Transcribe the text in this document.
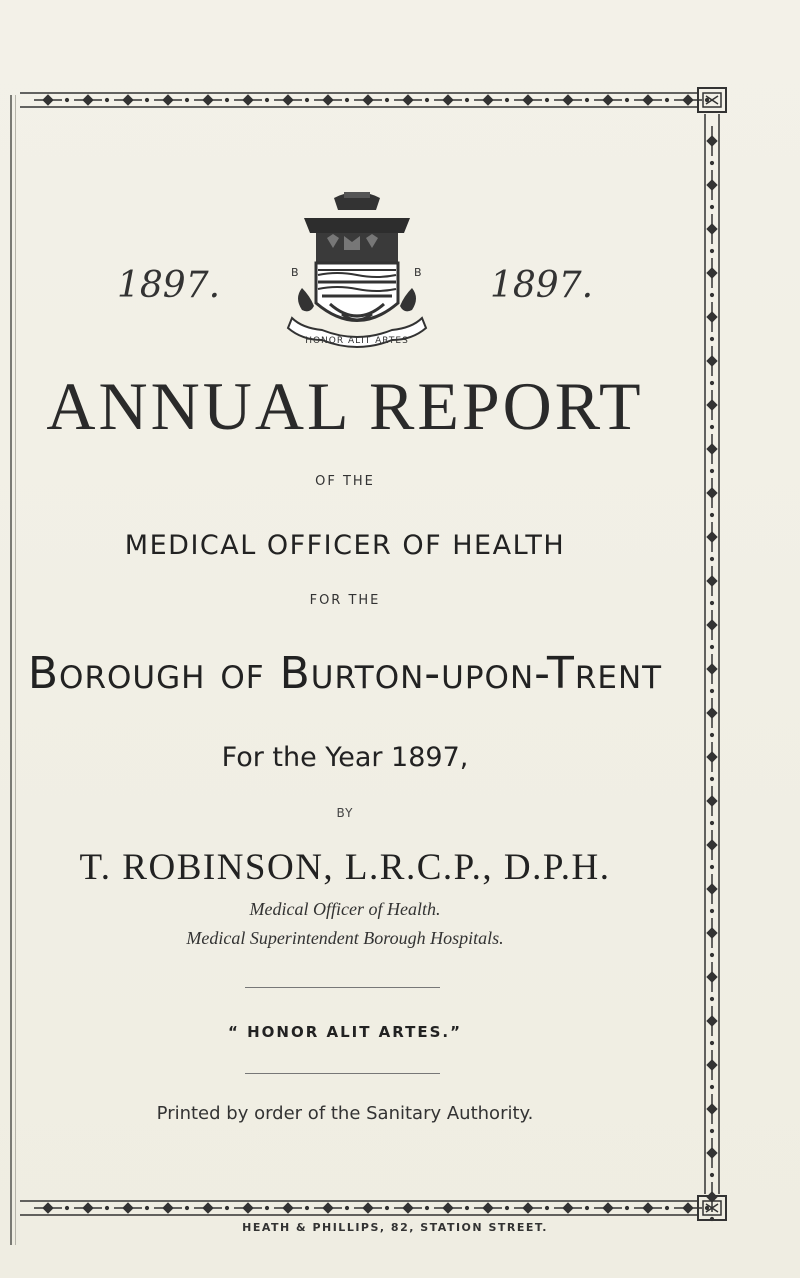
1897.	1897.
B	B
HONOR ALIT ARTES
ANNUAL REPORT
OF THE
MEDICAL OFFICER OF HEALTH
FOR THE
Borough of Burton-upon-Trent
For the Year 1897,
BY
T. ROBINSON, L.R.C.P., D.P.H.
Medical Officer of Health.
Medical Superintendent Borough Hospitals.
“ HONOR ALIT ARTES.”
Printed by order of the Sanitary Authority.
HEATH & PHILLIPS, 82, STATION STREET.
